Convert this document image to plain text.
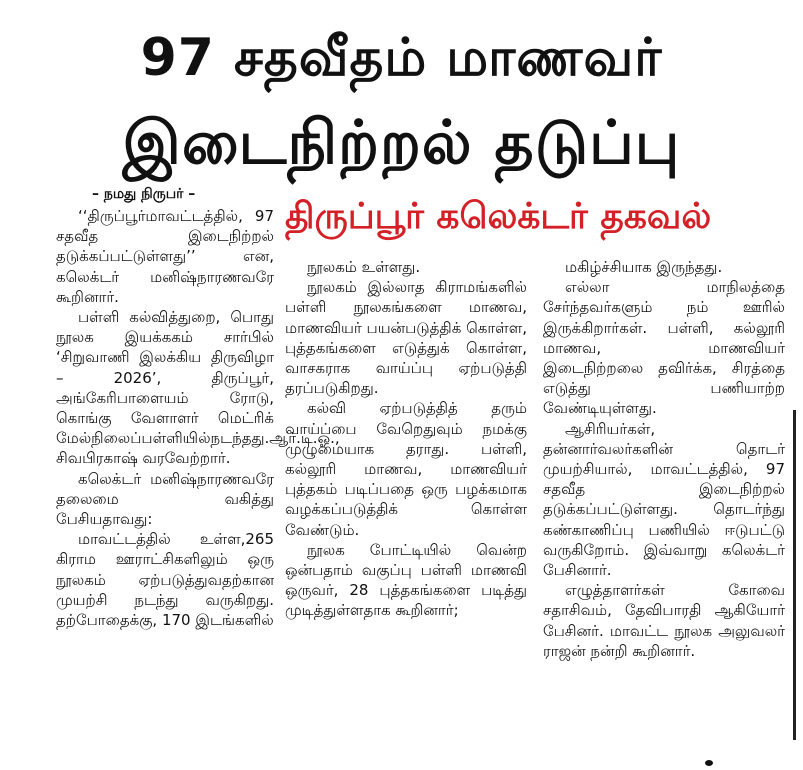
97 சதவீதம் மாணவர்
இடைநிற்றல் தடுப்பு
– நமது நிருபர் –
திருப்பூர் கலெக்டர் தகவல்

‘‘திருப்பூர்மாவட்டத்தில், 97 சதவீத இடைநிற்றல் தடுக்கப்பட்டுள்ளது’’ என, கலெக்டர் மனிஷ்நாரணவரே கூறினார்.

பள்ளி கல்வித்துறை, பொது நூலக இயக்ககம் சார்பில் ‘சிறுவாணி இலக்கிய திருவிழா – 2026’, திருப்பூர், அங்கேரிபாளையம் ரோடு, கொங்கு வேளாளர் மெட்ரிக் மேல்நிலைப்பள்ளியில்நடந்தது.ஆர்.டி.ஓ., சிவபிரகாஷ் வரவேற்றார்.

கலெக்டர் மனிஷ்நாரணவரே தலைமை வகித்து பேசியதாவது:

மாவட்டத்தில் உள்ள,265 கிராம ஊராட்சிகளிலும் ஒரு நூலகம் ஏற்படுத்துவதற்கான முயற்சி நடந்து வருகிறது. தற்போதைக்கு, 170 இடங்களில்

நூலகம் உள்ளது.

நூலகம் இல்லாத கிராமங்களில் பள்ளி நூலகங்களை மாணவ, மாணவியர் பயன்படுத்திக் கொள்ள, புத்தகங்களை எடுத்துக் கொள்ள, வாசகராக வாய்ப்பு ஏற்படுத்தி தரப்படுகிறது.

கல்வி ஏற்படுத்தித் தரும் வாய்ப்பை வேறெதுவும் நமக்கு முழுமையாக தராது. பள்ளி, கல்லூரி மாணவ, மாணவியர் புத்தகம் படிப்பதை ஒரு பழக்கமாக வழக்கப்படுத்திக் கொள்ள வேண்டும்.

நூலக போட்டியில் வென்ற ஒன்பதாம் வகுப்பு பள்ளி மாணவி ஒருவர், 28 புத்தகங்களை படித்து முடித்துள்ளதாக கூறினார்;

மகிழ்ச்சியாக இருந்தது.

எல்லா மாநிலத்தை சேர்ந்தவர்களும் நம் ஊரில் இருக்கிறார்கள். பள்ளி, கல்லூரி மாணவ, மாணவியர் இடைநிற்றலை தவிர்க்க, சிரத்தை எடுத்து பணியாற்ற வேண்டியுள்ளது.

ஆசிரியர்கள், தன்னார்வலர்களின் தொடர் முயற்சியால், மாவட்டத்தில், 97 சதவீத இடைநிற்றல் தடுக்கப்பட்டுள்ளது. தொடர்ந்து கண்காணிப்பு பணியில் ஈடுபட்டு வருகிறோம். இவ்வாறு கலெக்டர் பேசினார்.

எழுத்தாளர்கள் கோவை சதாசிவம், தேவிபாரதி ஆகியோர் பேசினர். மாவட்ட நூலக அலுவலர் ராஜன் நன்றி கூறினார்.
